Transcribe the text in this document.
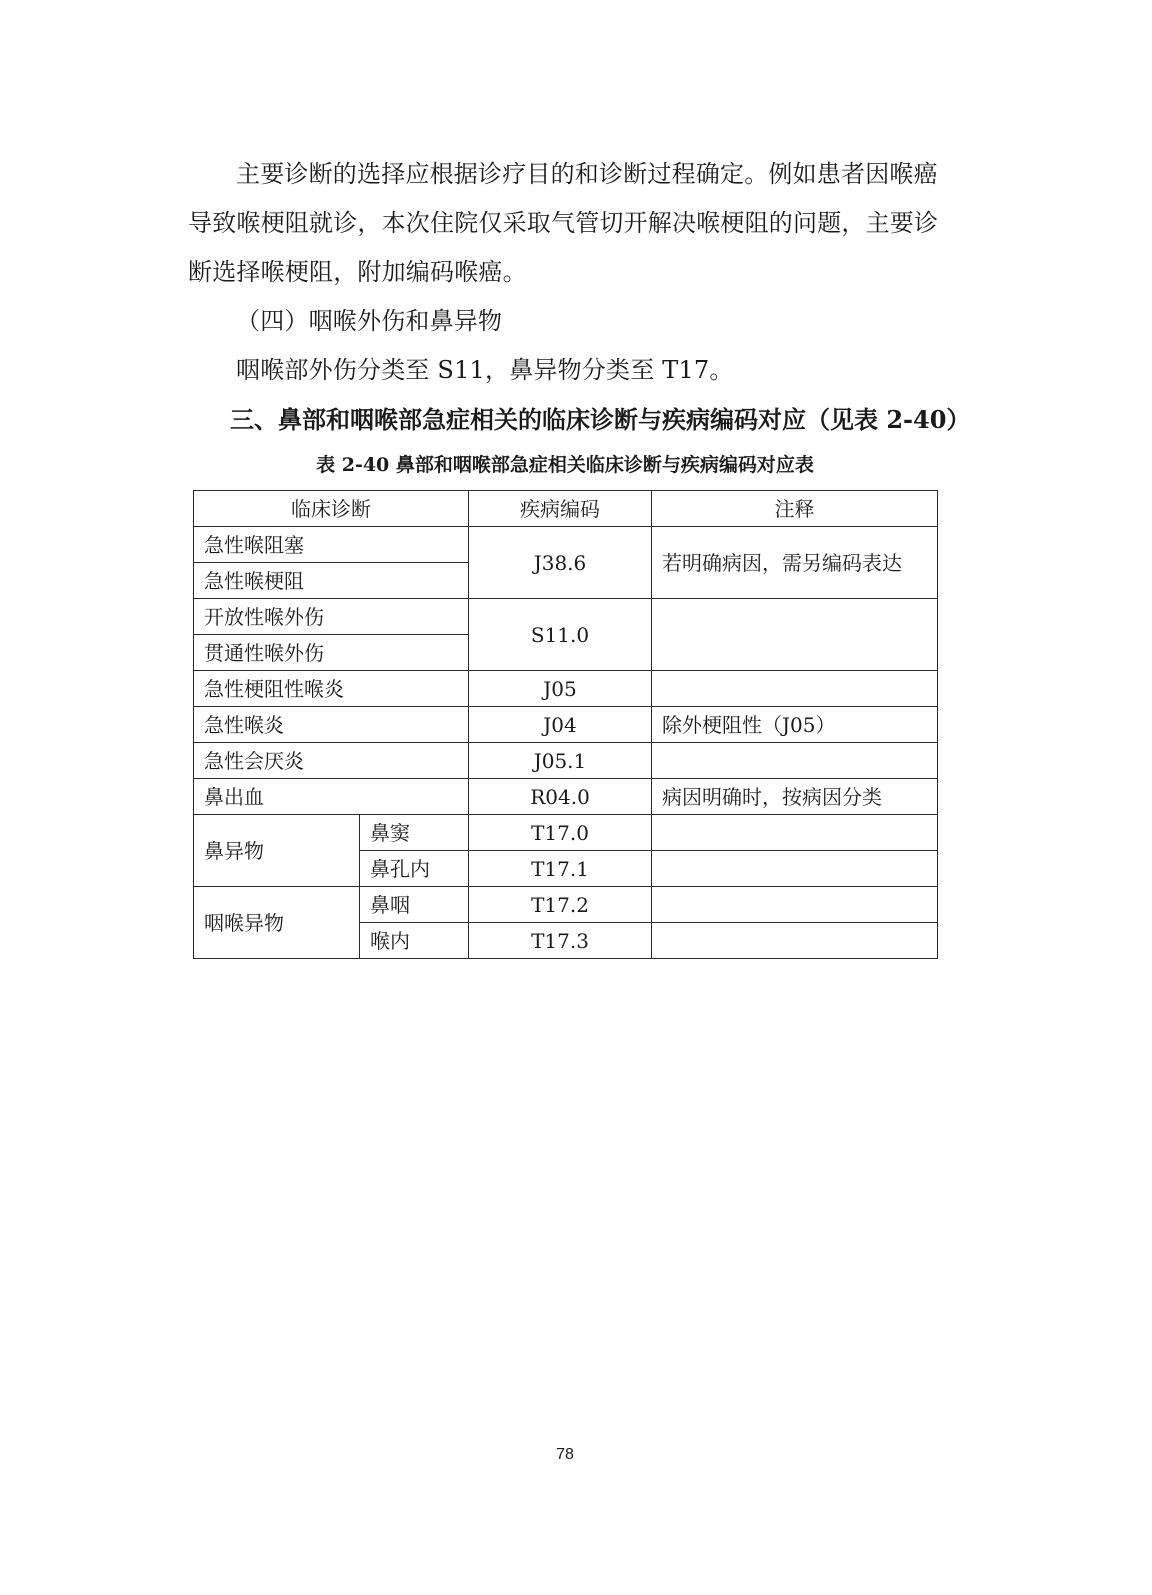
主要诊断的选择应根据诊疗目的和诊断过程确定。例如患者因喉癌导致喉梗阻就诊，本次住院仅采取气管切开解决喉梗阻的问题，主要诊断选择喉梗阻，附加编码喉癌。

（四）咽喉外伤和鼻异物

咽喉部外伤分类至 S11，鼻异物分类至 T17。

三、鼻部和咽喉部急症相关的临床诊断与疾病编码对应（见表 2-40）

表 2-40 鼻部和咽喉部急症相关临床诊断与疾病编码对应表

临床诊断		疾病编码	注释
急性喉阻塞		J38.6	若明确病因，需另编码表达
急性喉梗阻			
开放性喉外伤		S11.0	
贯通性喉外伤			
急性梗阻性喉炎		J05	
急性喉炎		J04	除外梗阻性（J05）
急性会厌炎		J05.1	
鼻出血		R04.0	病因明确时，按病因分类
鼻异物	鼻窦	T17.0	
	鼻孔内	T17.1	
咽喉异物	鼻咽	T17.2	
	喉内	T17.3	

78
